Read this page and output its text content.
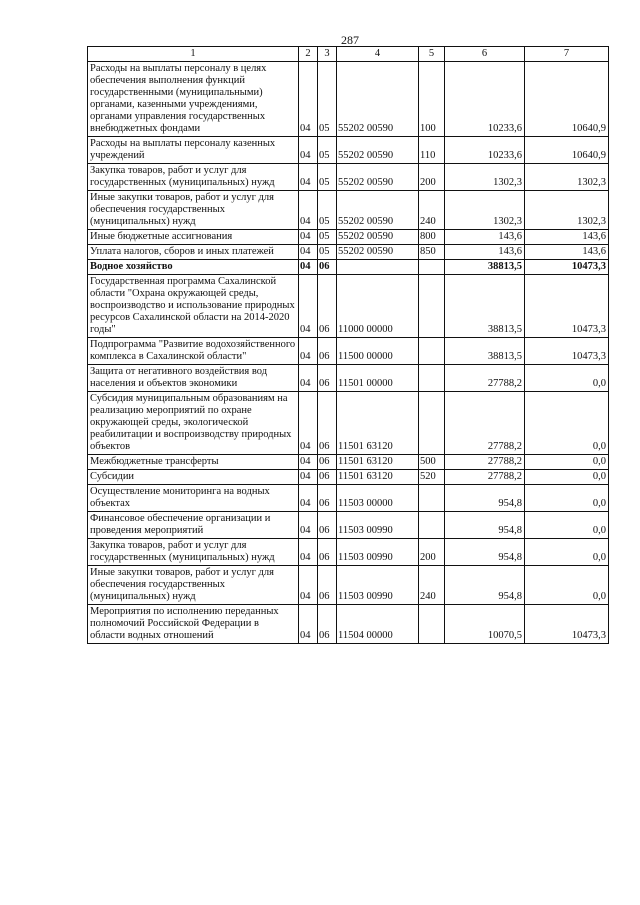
287
1	2	3	4	5	6	7
Расходы на выплаты персоналу в целях обеспечения выполнения функций государственными (муниципальными) органами, казенными учреждениями, органами управления государственных внебюджетных фондами	04	05	55202 00590	100	10233,6	10640,9
Расходы на выплаты персоналу казенных учреждений	04	05	55202 00590	110	10233,6	10640,9
Закупка товаров, работ и услуг для государственных (муниципальных) нужд	04	05	55202 00590	200	1302,3	1302,3
Иные закупки товаров, работ и услуг для обеспечения государственных (муниципальных) нужд	04	05	55202 00590	240	1302,3	1302,3
Иные бюджетные ассигнования	04	05	55202 00590	800	143,6	143,6
Уплата налогов, сборов и иных платежей	04	05	55202 00590	850	143,6	143,6
Водное хозяйство	04	06			38813,5	10473,3
Государственная программа Сахалинской области "Охрана окружающей среды, воспроизводство и использование природных ресурсов Сахалинской области на 2014-2020 годы"	04	06	11000 00000		38813,5	10473,3
Подпрограмма "Развитие водохозяйственного комплекса в Сахалинской области"	04	06	11500 00000		38813,5	10473,3
Защита от негативного воздействия вод населения и объектов экономики	04	06	11501 00000		27788,2	0,0
Субсидия муниципальным образованиям на реализацию мероприятий по охране окружающей среды, экологической реабилитации и воспроизводству природных объектов	04	06	11501 63120		27788,2	0,0
Межбюджетные трансферты	04	06	11501 63120	500	27788,2	0,0
Субсидии	04	06	11501 63120	520	27788,2	0,0
Осуществление мониторинга на водных объектах	04	06	11503 00000		954,8	0,0
Финансовое обеспечение организации и проведения мероприятий	04	06	11503 00990		954,8	0,0
Закупка товаров, работ и услуг для государственных (муниципальных) нужд	04	06	11503 00990	200	954,8	0,0
Иные закупки товаров, работ и услуг для обеспечения государственных (муниципальных) нужд	04	06	11503 00990	240	954,8	0,0
Мероприятия по исполнению переданных полномочий Российской Федерации в области водных отношений	04	06	11504 00000		10070,5	10473,3
